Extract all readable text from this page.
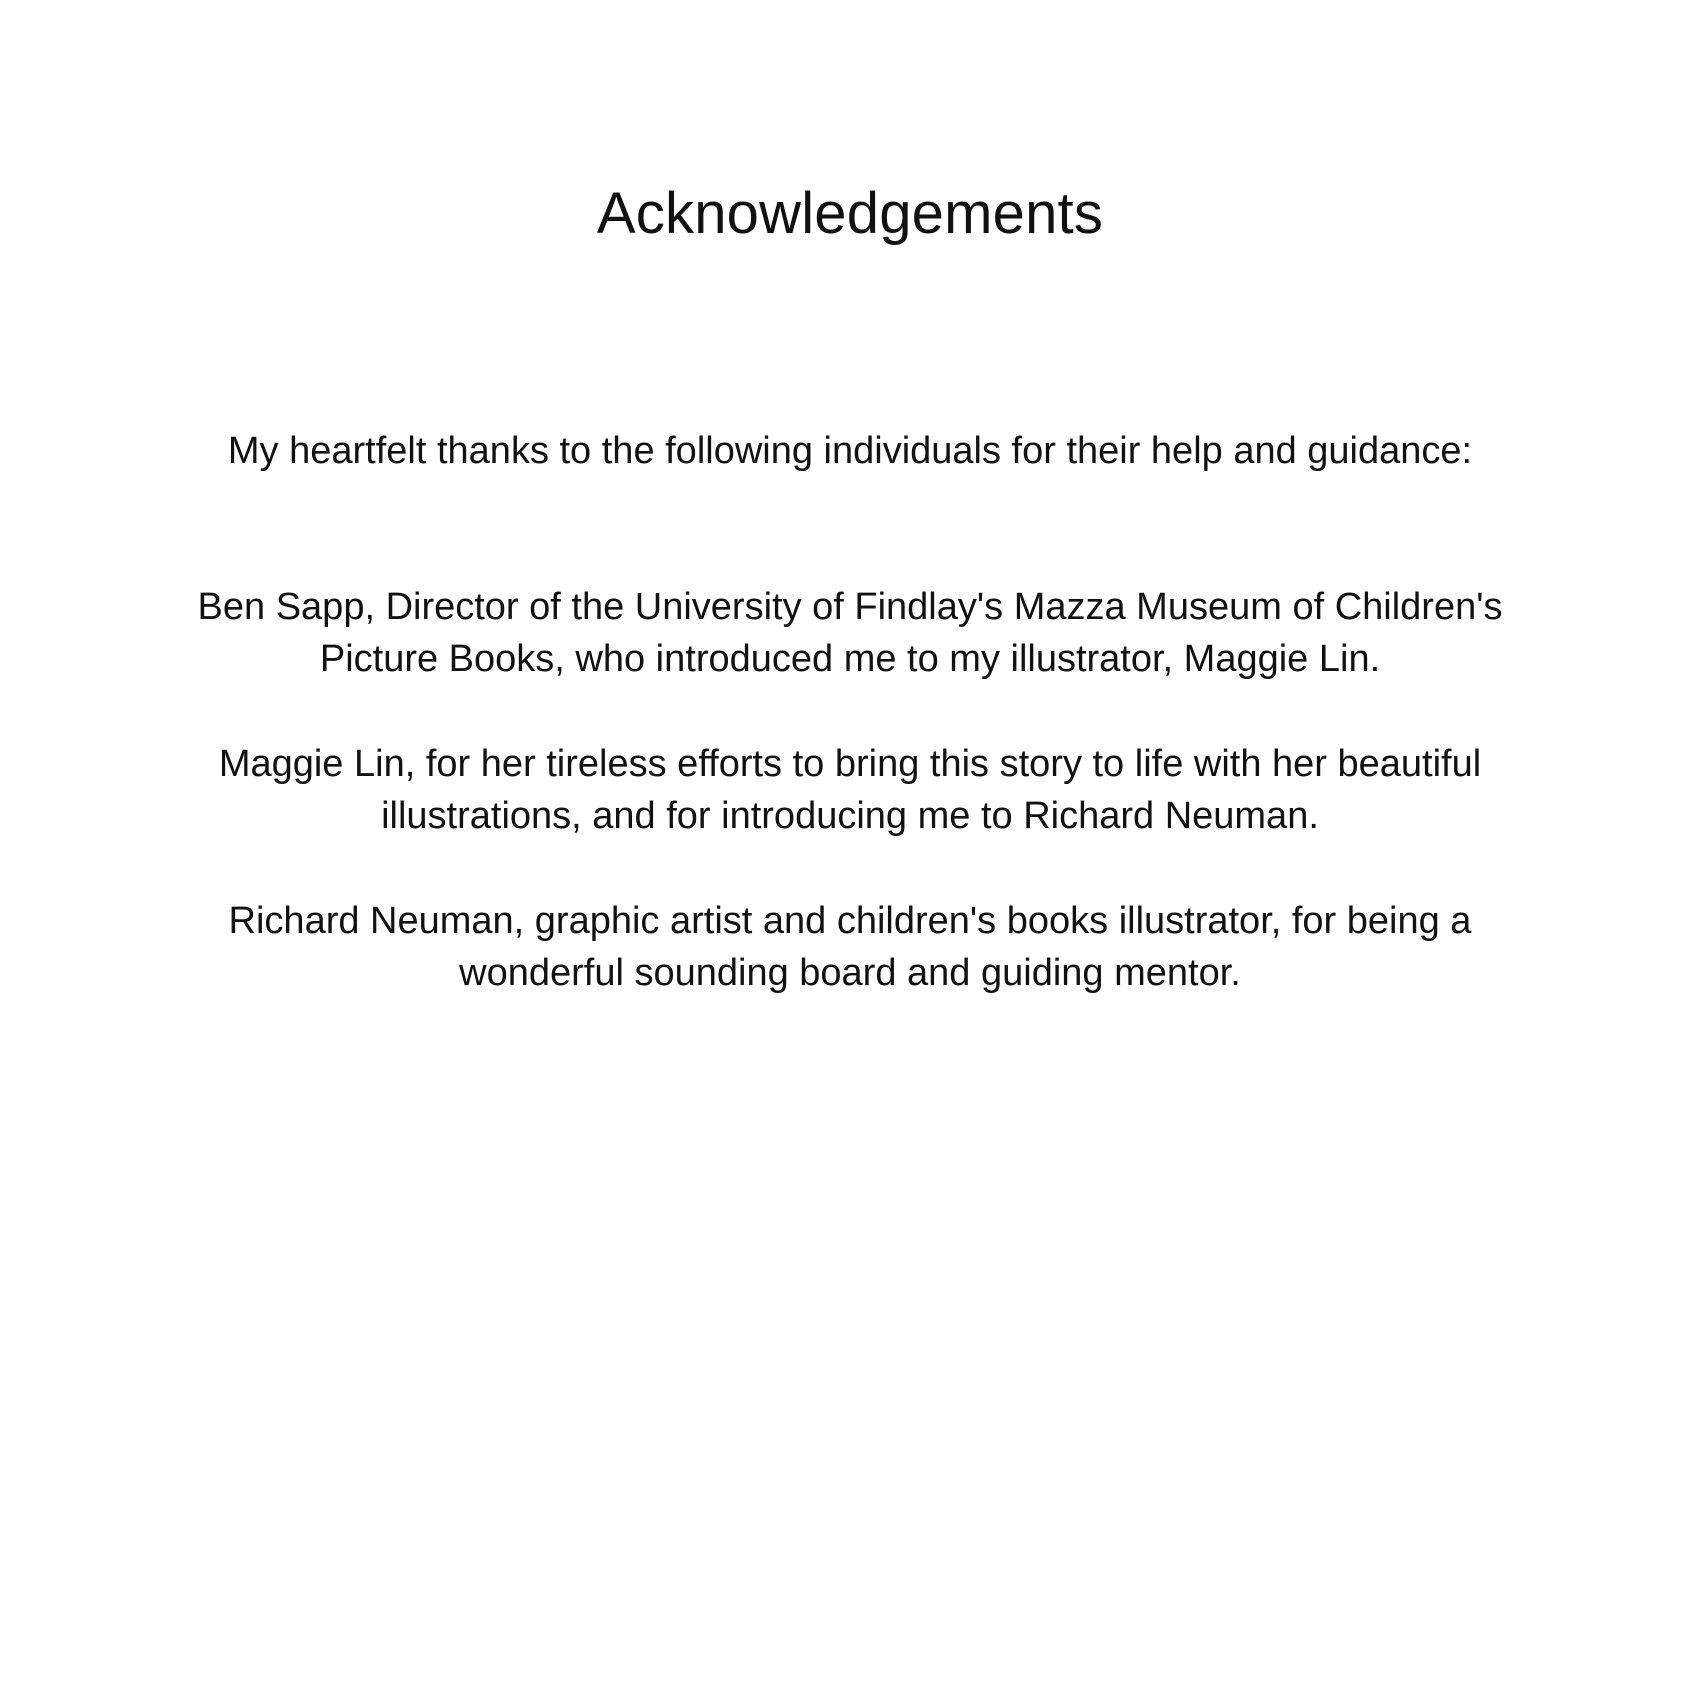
Acknowledgements

My heartfelt thanks to the following individuals for their help and guidance:

Ben Sapp, Director of the University of Findlay's Mazza Museum of Children's
Picture Books, who introduced me to my illustrator, Maggie Lin.

Maggie Lin, for her tireless efforts to bring this story to life with her beautiful
illustrations, and for introducing me to Richard Neuman.

Richard Neuman, graphic artist and children's books illustrator, for being a
wonderful sounding board and guiding mentor.
